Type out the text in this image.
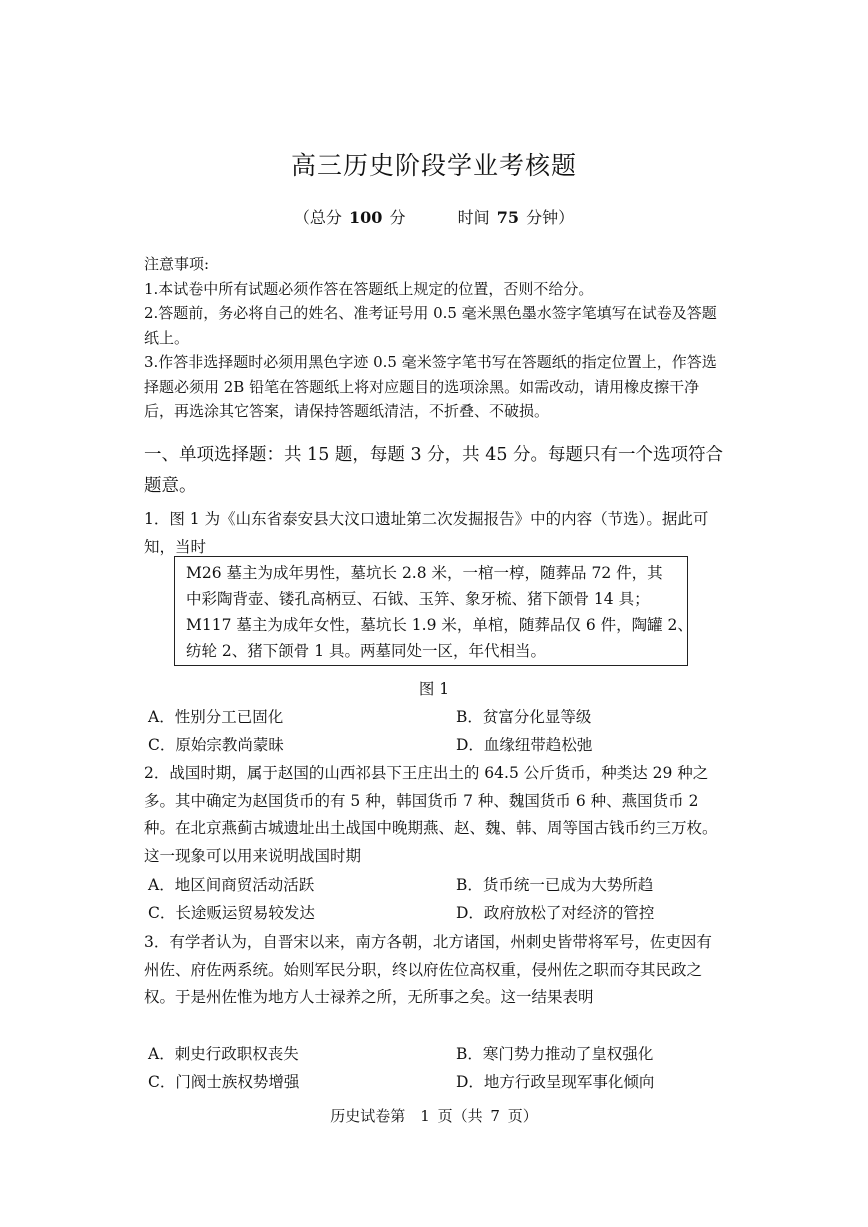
高三历史阶段学业考核题
（总分 100 分	时间 75 分钟）

注意事项:

1.本试卷中所有试题必须作答在答题纸上规定的位置，否则不给分。

2.答题前，务必将自己的姓名、准考证号用 0.5 毫米黑色墨水签字笔填写在试卷及答题纸上。

3.作答非选择题时必须用黑色字迹 0.5 毫米签字笔书写在答题纸的指定位置上，作答选择题必须用 2B 铅笔在答题纸上将对应题目的选项涂黑。如需改动，请用橡皮擦干净后，再选涂其它答案，请保持答题纸清洁，不折叠、不破损。

一、单项选择题：共 15 题，每题 3 分，共 45 分。每题只有一个选项符合题意。

1．图 1 为《山东省泰安县大汶口遗址第二次发掘报告》中的内容（节选）。据此可知，当时

M26 墓主为成年男性，墓坑长 2.8 米，一棺一椁，随葬品 72 件，其

中彩陶背壶、镂孔高柄豆、石钺、玉笄、象牙梳、猪下颌骨 14 具；

M117 墓主为成年女性，墓坑长 1.9 米，单棺，随葬品仅 6 件，陶罐 2、

纺轮 2、猪下颌骨 1 具。两墓同处一区，年代相当。

图 1
A．性别分工已固化	B．贫富分化显等级
C．原始宗教尚蒙昧	D．血缘纽带趋松弛

2．战国时期，属于赵国的山西祁县下王庄出土的 64.5 公斤货币，种类达 29 种之多。其中确定为赵国货币的有 5 种，韩国货币 7 种、魏国货币 6 种、燕国货币 2 种。在北京燕蓟古城遗址出土战国中晚期燕、赵、魏、韩、周等国古钱币约三万枚。这一现象可以用来说明战国时期

A．地区间商贸活动活跃	B．货币统一已成为大势所趋
C．长途贩运贸易较发达	D．政府放松了对经济的管控

3．有学者认为，自晋宋以来，南方各朝，北方诸国，州刺史皆带将军号，佐吏因有州佐、府佐两系统。始则军民分职，终以府佐位高权重，侵州佐之职而夺其民政之权。于是州佐惟为地方人士禄养之所，无所事之矣。这一结果表明

A．刺史行政职权丧失	B．寒门势力推动了皇权强化
C．门阀士族权势增强	D．地方行政呈现军事化倾向
历史试卷第　1 页（共 7 页）
